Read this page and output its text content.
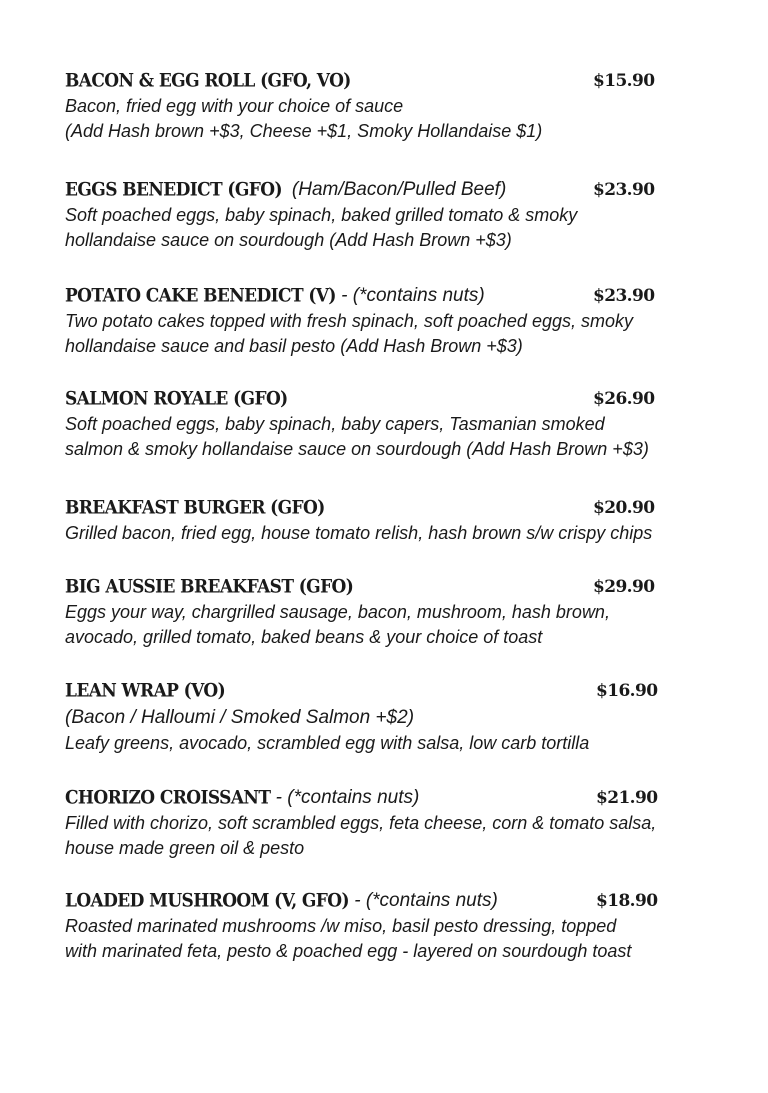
BACON & EGG ROLL (GFO, VO)	$15.90

Bacon, fried egg with your choice of sauce

(Add Hash brown +$3, Cheese +$1, Smoky Hollandaise $1)

EGGS BENEDICT (GFO) (Ham/Bacon/Pulled Beef)	$23.90

Soft poached eggs, baby spinach, baked grilled tomato & smoky

hollandaise sauce on sourdough (Add Hash Brown +$3)

POTATO CAKE BENEDICT (V) - (*contains nuts)	$23.90

Two potato cakes topped with fresh spinach, soft poached eggs, smoky

hollandaise sauce and basil pesto (Add Hash Brown +$3)

SALMON ROYALE (GFO)	$26.90

Soft poached eggs, baby spinach, baby capers, Tasmanian smoked

salmon & smoky hollandaise sauce on sourdough (Add Hash Brown +$3)

BREAKFAST BURGER (GFO)	$20.90

Grilled bacon, fried egg, house tomato relish, hash brown s/w crispy chips

BIG AUSSIE BREAKFAST (GFO)	$29.90

Eggs your way, chargrilled sausage, bacon, mushroom, hash brown,

avocado, grilled tomato, baked beans & your choice of toast

LEAN WRAP (VO)	$16.90

(Bacon / Halloumi / Smoked Salmon +$2)

Leafy greens, avocado, scrambled egg with salsa, low carb tortilla

CHORIZO CROISSANT - (*contains nuts)	$21.90

Filled with chorizo, soft scrambled eggs, feta cheese, corn & tomato salsa,

house made green oil & pesto

LOADED MUSHROOM (V, GFO) - (*contains nuts)	$18.90

Roasted marinated mushrooms /w miso, basil pesto dressing, topped

with marinated feta, pesto & poached egg - layered on sourdough toast
